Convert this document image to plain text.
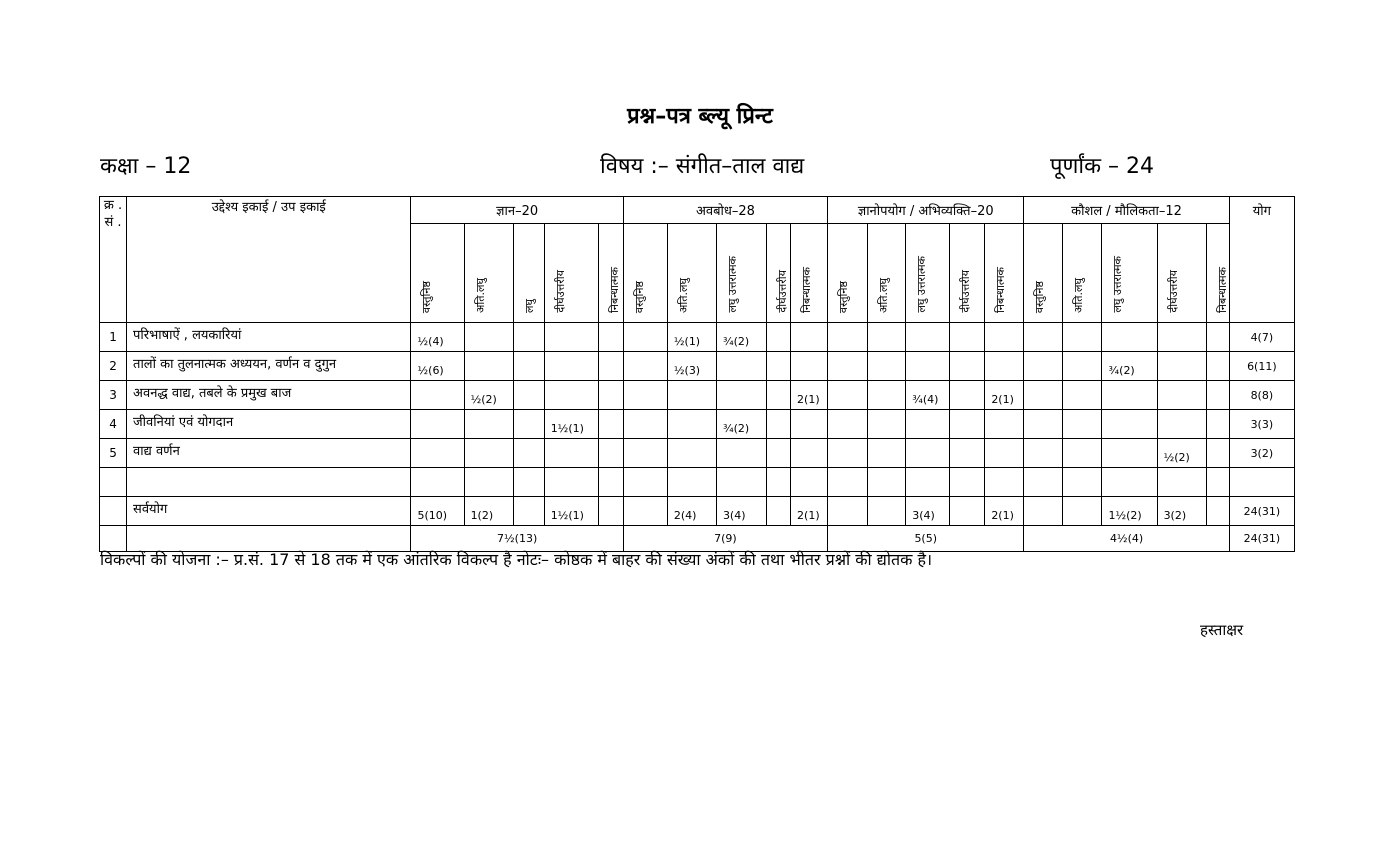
प्रश्न–पत्र ब्ल्यू प्रिन्ट
कक्षा – 12	विषय :– संगीत–ताल वाद्य	पूर्णांक – 24
क्र . सं .	उद्देश्य इकाई / उप इकाई	ज्ञान–20					अवबोध–28					ज्ञानोपयोग / अभिव्यक्ति–20					कौशल / मौलिकता–12					योग
		वस्तुनिष्ठ	अति.लघु	लघु	दीर्घउत्तरीय	निबन्धात्मक	वस्तुनिष्ठ	अति.लघु	लघु उत्तरात्मक	दीर्घउत्तरीय	निबन्धात्मक	वस्तुनिष्ठ	अति.लघु	लघु उत्तरात्मक	दीर्घउत्तरीय	निबन्धात्मक	वस्तुनिष्ठ	अति.लघु	लघु उत्तरात्मक	दीर्घउत्तरीय	निबन्धात्मक	
1	परिभाषाऐं , लयकारियां	½(4)						½(1)	¾(2)													4(7)
2	तालों का तुलनात्मक अध्ययन, वर्णन व दुगुन	½(6)						½(3)											¾(2)			6(11)
3	अवनद्ध वाद्य, तबले के प्रमुख बाज		½(2)								2(1)			¾(4)		2(1)						8(8)
4	जीवनियां एवं योगदान				1½(1)				¾(2)													3(3)
5	वाद्य वर्णन																			½(2)		3(2)

	सर्वयोग	5(10)	1(2)		1½(1)			2(4)	3(4)		2(1)			3(4)		2(1)			1½(2)	3(2)		24(31)
		7½(13)					7(9)					5(5)					4½(4)					24(31)
विकल्पों की योजना :– प्र.सं. 17 से 18 तक में एक आंतरिक विकल्प है नोटः– कोष्ठक में बाहर की संख्या अंकों की तथा भीतर प्रश्नों की द्योतक है।
हस्ताक्षर
